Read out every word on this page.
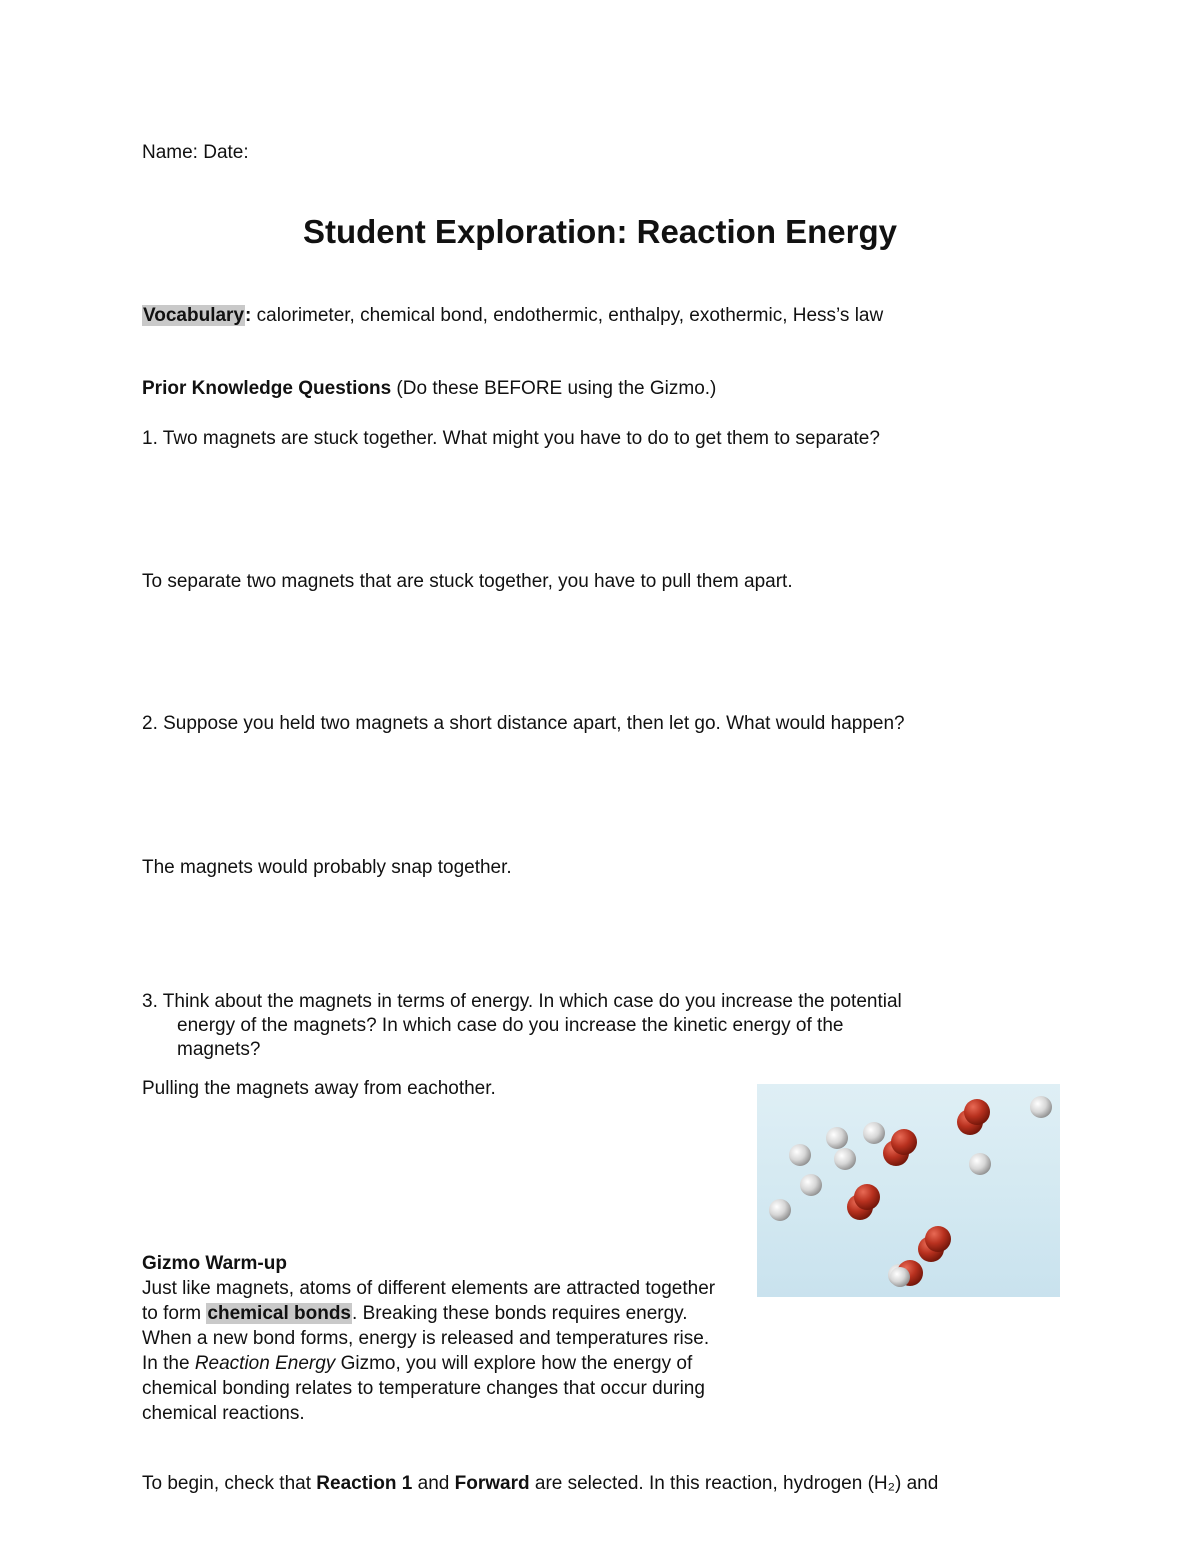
Name: Date:

Student Exploration: Reaction Energy

Vocabulary: calorimeter, chemical bond, endothermic, enthalpy, exothermic, Hess’s law

Prior Knowledge Questions (Do these BEFORE using the Gizmo.)

1. Two magnets are stuck together. What might you have to do to get them to separate?

To separate two magnets that are stuck together, you have to pull them apart.

2. Suppose you held two magnets a short distance apart, then let go. What would happen?

The magnets would probably snap together.

3. Think about the magnets in terms of energy. In which case do you increase the potential
energy of the magnets? In which case do you increase the kinetic energy of the
magnets?

Pulling the magnets away from eachother.

Gizmo Warm-up

Just like magnets, atoms of different elements are attracted together to form chemical bonds. Breaking these bonds requires energy. When a new bond forms, energy is released and temperatures rise. In the Reaction Energy Gizmo, you will explore how the energy of chemical bonding relates to temperature changes that occur during chemical reactions.

To begin, check that Reaction 1 and Forward are selected. In this reaction, hydrogen (H₂) and
